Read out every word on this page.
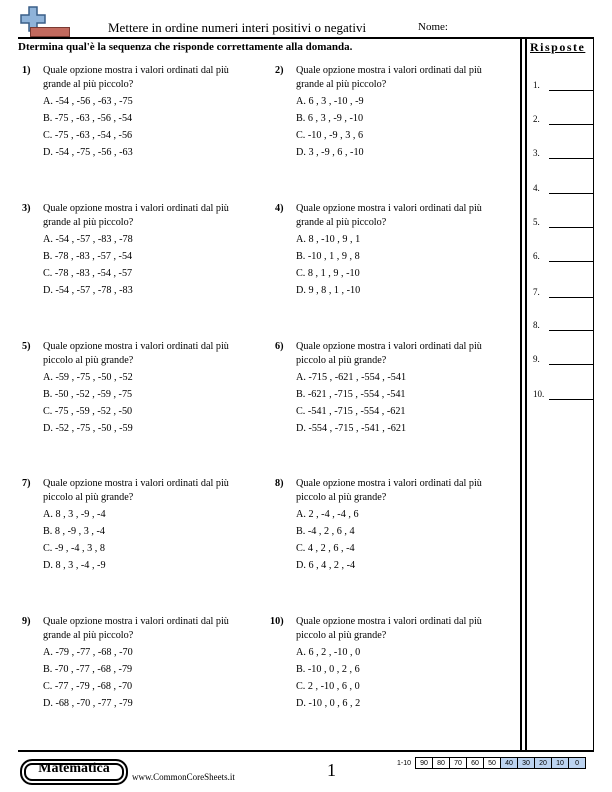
Mettere in ordine numeri interi positivi o negativi	Nome:
Dtermina qual'è la sequenza che risponde correttamente alla domanda.	Risposte
1.
2.
3.
4.
5.
6.
7.
8.
9.
10.
1) Quale opzione mostra i valori ordinati dal più grande al più piccolo?
A. -54 , -56 , -63 , -75
B. -75 , -63 , -56 , -54
C. -75 , -63 , -54 , -56
D. -54 , -75 , -56 , -63
2) Quale opzione mostra i valori ordinati dal più grande al più piccolo?
A. 6 , 3 , -10 , -9
B. 6 , 3 , -9 , -10
C. -10 , -9 , 3 , 6
D. 3 , -9 , 6 , -10
3) Quale opzione mostra i valori ordinati dal più grande al più piccolo?
A. -54 , -57 , -83 , -78
B. -78 , -83 , -57 , -54
C. -78 , -83 , -54 , -57
D. -54 , -57 , -78 , -83
4) Quale opzione mostra i valori ordinati dal più grande al più piccolo?
A. 8 , -10 , 9 , 1
B. -10 , 1 , 9 , 8
C. 8 , 1 , 9 , -10
D. 9 , 8 , 1 , -10
5) Quale opzione mostra i valori ordinati dal più piccolo al più grande?
A. -59 , -75 , -50 , -52
B. -50 , -52 , -59 , -75
C. -75 , -59 , -52 , -50
D. -52 , -75 , -50 , -59
6) Quale opzione mostra i valori ordinati dal più piccolo al più grande?
A. -715 , -621 , -554 , -541
B. -621 , -715 , -554 , -541
C. -541 , -715 , -554 , -621
D. -554 , -715 , -541 , -621
7) Quale opzione mostra i valori ordinati dal più piccolo al più grande?
A. 8 , 3 , -9 , -4
B. 8 , -9 , 3 , -4
C. -9 , -4 , 3 , 8
D. 8 , 3 , -4 , -9
8) Quale opzione mostra i valori ordinati dal più piccolo al più grande?
A. 2 , -4 , -4 , 6
B. -4 , 2 , 6 , 4
C. 4 , 2 , 6 , -4
D. 6 , 4 , 2 , -4
9) Quale opzione mostra i valori ordinati dal più grande al più piccolo?
A. -79 , -77 , -68 , -70
B. -70 , -77 , -68 , -79
C. -77 , -79 , -68 , -70
D. -68 , -70 , -77 , -79
10) Quale opzione mostra i valori ordinati dal più piccolo al più grande?
A. 6 , 2 , -10 , 0
B. -10 , 0 , 2 , 6
C. 2 , -10 , 6 , 0
D. -10 , 0 , 6 , 2
Matematica
www.CommonCoreSheets.it	1	1-10	90	80	70	60	50	40	30	20	10	0
